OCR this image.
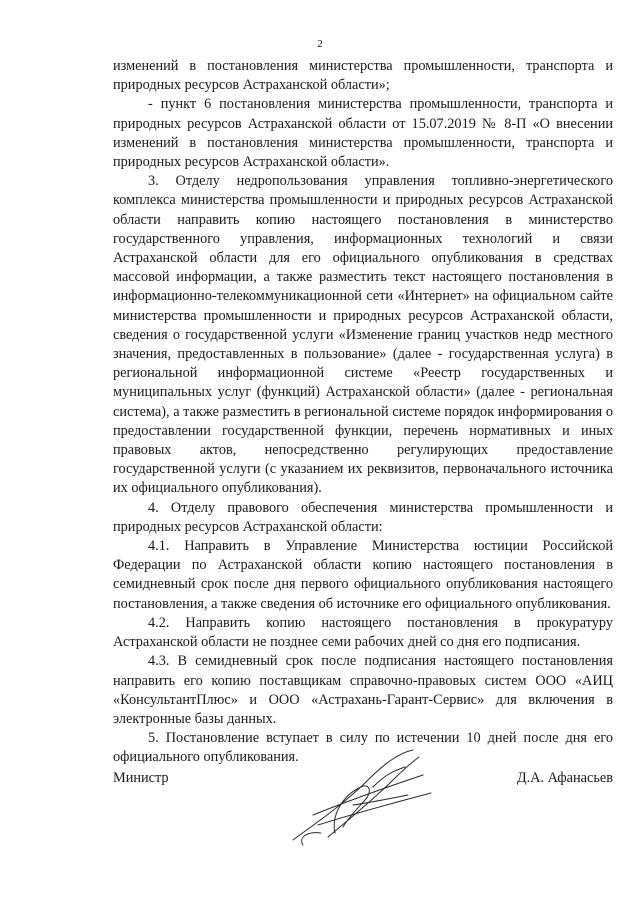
2

изменений в постановления министерства промышленности, транспорта и природных ресурсов Астраханской области»;

- пункт 6 постановления министерства промышленности, транспорта и природных ресурсов Астраханской области от 15.07.2019 № 8-П «О внесении изменений в постановления министерства промышленности, транспорта и природных ресурсов Астраханской области».

3. Отделу недропользования управления топливно-энергетического комплекса министерства промышленности и природных ресурсов Астраханской области направить копию настоящего постановления в министерство государственного управления, информационных технологий и связи Астраханской области для его официального опубликования в средствах массовой информации, а также разместить текст настоящего постановления в информационно-телекоммуникационной сети «Интернет» на официальном сайте министерства промышленности и природных ресурсов Астраханской области, сведения о государственной услуги «Изменение границ участков недр местного значения, предоставленных в пользование» (далее - государственная услуга) в региональной информационной системе «Реестр государственных и муниципальных услуг (функций) Астраханской области» (далее - региональная система), а также разместить в региональной системе порядок информирования о предоставлении государственной функции, перечень нормативных и иных правовых актов, непосредственно регулирующих предоставление государственной услуги (с указанием их реквизитов, первоначального источника их официального опубликования).

4. Отделу правового обеспечения министерства промышленности и природных ресурсов Астраханской области:

4.1. Направить в Управление Министерства юстиции Российской Федерации по Астраханской области копию настоящего постановления в семидневный срок после дня первого официального опубликования настоящего постановления, а также сведения об источнике его официального опубликования.

4.2. Направить копию настоящего постановления в прокуратуру Астраханской области не позднее семи рабочих дней со дня его подписания.

4.3. В семидневный срок после подписания настоящего постановления направить его копию поставщикам справочно-правовых систем ООО «АИЦ «КонсультантПлюс» и ООО «Астрахань-Гарант-Сервис» для включения в электронные базы данных.

5. Постановление вступает в силу по истечении 10 дней после дня его официального опубликования.

Министр	Д.А. Афанасьев
